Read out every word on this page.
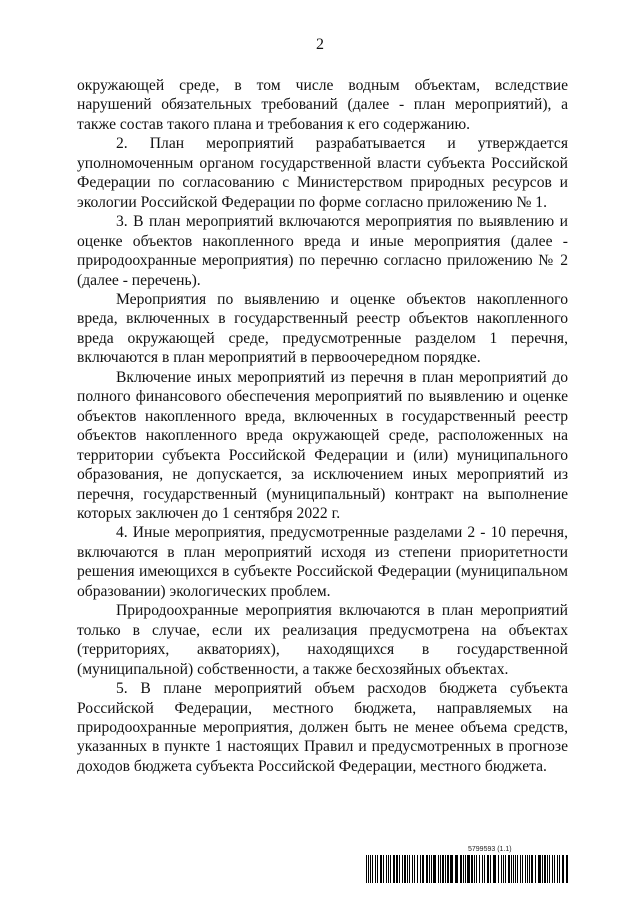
2

окружающей среде, в том числе водным объектам, вследствие нарушений обязательных требований (далее - план мероприятий), а также состав такого плана и требования к его содержанию.

2. План мероприятий разрабатывается и утверждается уполномоченным органом государственной власти субъекта Российской Федерации по согласованию с Министерством природных ресурсов и экологии Российской Федерации по форме согласно приложению № 1.

3. В план мероприятий включаются мероприятия по выявлению и оценке объектов накопленного вреда и иные мероприятия (далее - природоохранные мероприятия) по перечню согласно приложению № 2 (далее - перечень).

Мероприятия по выявлению и оценке объектов накопленного вреда, включенных в государственный реестр объектов накопленного вреда окружающей среде, предусмотренные разделом 1 перечня, включаются в план мероприятий в первоочередном порядке.

Включение иных мероприятий из перечня в план мероприятий до полного финансового обеспечения мероприятий по выявлению и оценке объектов накопленного вреда, включенных в государственный реестр объектов накопленного вреда окружающей среде, расположенных на территории субъекта Российской Федерации и (или) муниципального образования, не допускается, за исключением иных мероприятий из перечня, государственный (муниципальный) контракт на выполнение которых заключен до 1 сентября 2022 г.

4. Иные мероприятия, предусмотренные разделами 2 - 10 перечня, включаются в план мероприятий исходя из степени приоритетности решения имеющихся в субъекте Российской Федерации (муниципальном образовании) экологических проблем.

Природоохранные мероприятия включаются в план мероприятий только в случае, если их реализация предусмотрена на объектах (территориях, акваториях), находящихся в государственной (муниципальной) собственности, а также бесхозяйных объектах.

5. В плане мероприятий объем расходов бюджета субъекта Российской Федерации, местного бюджета, направляемых на природоохранные мероприятия, должен быть не менее объема средств, указанных в пункте 1 настоящих Правил и предусмотренных в прогнозе доходов бюджета субъекта Российской Федерации, местного бюджета.

5799593 (1.1)
